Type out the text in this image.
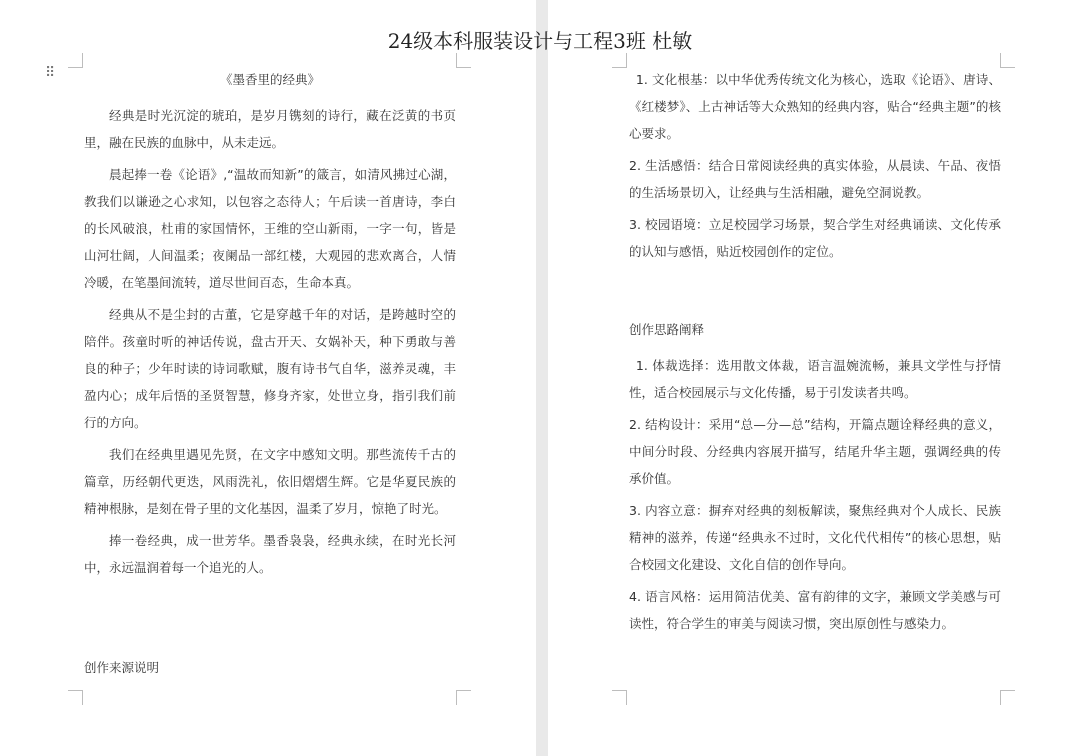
24级本科服装设计与工程3班 杜敏
⠿	《墨香里的经典》

经典是时光沉淀的琥珀，是岁月镌刻的诗行，藏在泛黄的书页里，融在民族的血脉中，从未走远。

晨起捧一卷《论语》,“温故而知新”的箴言，如清风拂过心湖，教我们以谦逊之心求知，以包容之态待人；午后读一首唐诗，李白的长风破浪，杜甫的家国情怀，王维的空山新雨，一字一句，皆是山河壮阔，人间温柔；夜阑品一部红楼，大观园的悲欢离合，人情冷暖，在笔墨间流转，道尽世间百态，生命本真。

经典从不是尘封的古董，它是穿越千年的对话，是跨越时空的陪伴。孩童时听的神话传说，盘古开天、女娲补天，种下勇敢与善良的种子；少年时读的诗词歌赋，腹有诗书气自华，滋养灵魂，丰盈内心；成年后悟的圣贤智慧，修身齐家，处世立身，指引我们前行的方向。

我们在经典里遇见先贤，在文字中感知文明。那些流传千古的篇章，历经朝代更迭，风雨洗礼，依旧熠熠生辉。它是华夏民族的精神根脉，是刻在骨子里的文化基因，温柔了岁月，惊艳了时光。

捧一卷经典，成一世芳华。墨香袅袅，经典永续，在时光长河中，永远温润着每一个追光的人。

创作来源说明

1. 文化根基：以中华优秀传统文化为核心，选取《论语》、唐诗、《红楼梦》、上古神话等大众熟知的经典内容，贴合“经典主题”的核心要求。

2. 生活感悟：结合日常阅读经典的真实体验，从晨读、午品、夜悟的生活场景切入，让经典与生活相融，避免空洞说教。

3. 校园语境：立足校园学习场景，契合学生对经典诵读、文化传承的认知与感悟，贴近校园创作的定位。

创作思路阐释

1. 体裁选择：选用散文体裁，语言温婉流畅，兼具文学性与抒情性，适合校园展示与文化传播，易于引发读者共鸣。

2. 结构设计：采用“总—分—总”结构，开篇点题诠释经典的意义，中间分时段、分经典内容展开描写，结尾升华主题，强调经典的传承价值。

3. 内容立意：摒弃对经典的刻板解读，聚焦经典对个人成长、民族精神的滋养，传递“经典永不过时，文化代代相传”的核心思想，贴合校园文化建设、文化自信的创作导向。

4. 语言风格：运用简洁优美、富有韵律的文字，兼顾文学美感与可读性，符合学生的审美与阅读习惯，突出原创性与感染力。
